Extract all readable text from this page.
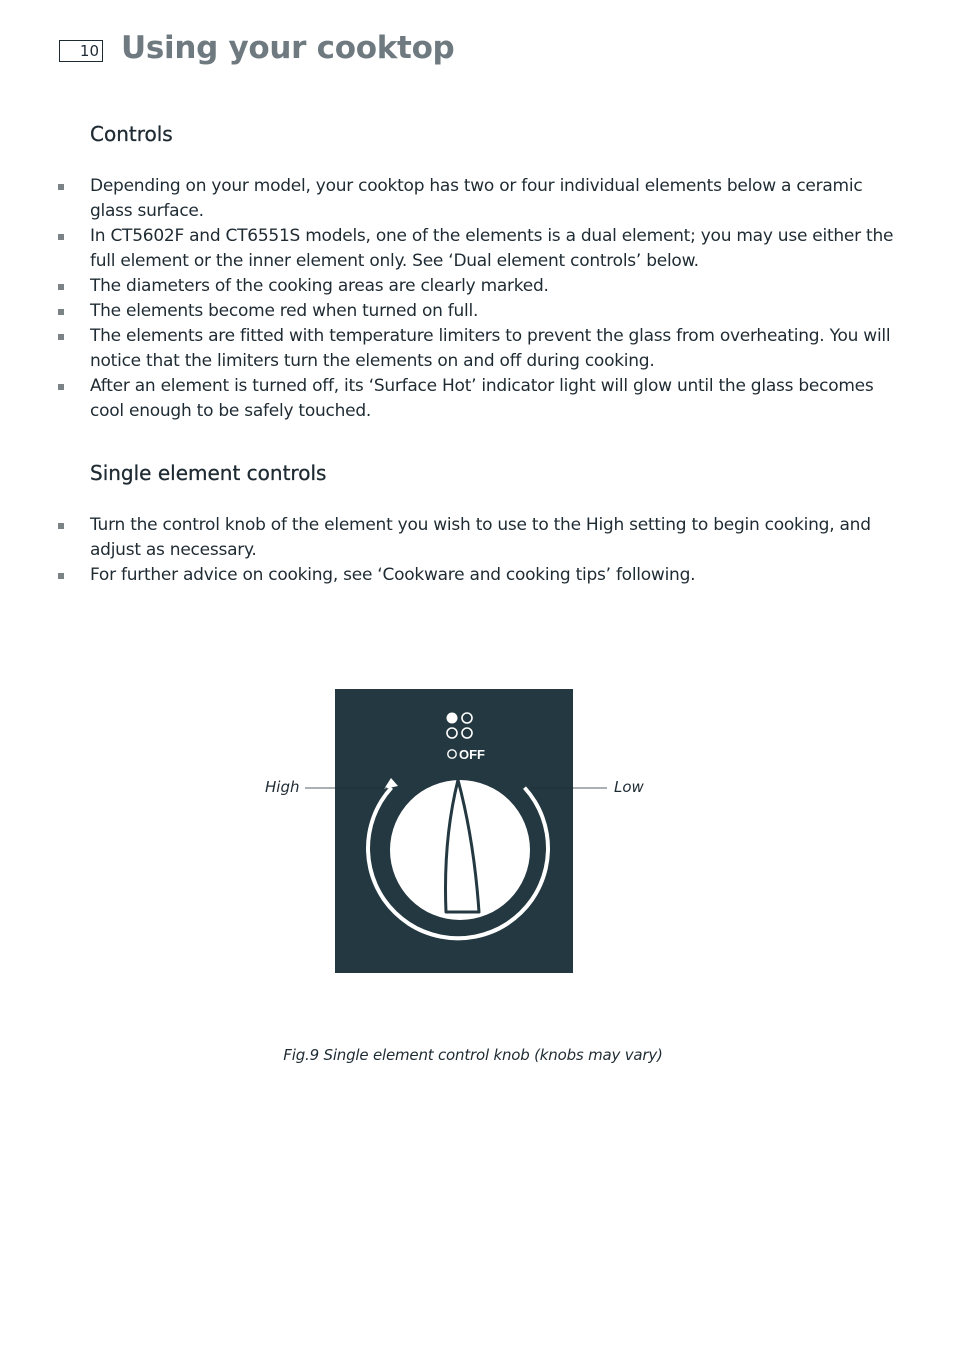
10 Using your cooktop
Controls
Depending on your model, your cooktop has two or four individual elements below a ceramic glass surface.
In CT5602F and CT6551S models, one of the elements is a dual element; you may use either the full element or the inner element only. See ‘Dual element controls’ below.
The diameters of the cooking areas are clearly marked.
The elements become red when turned on full.
The elements are fitted with temperature limiters to prevent the glass from overheating. You will notice that the limiters turn the elements on and off during cooking.
After an element is turned off, its ‘Surface Hot’ indicator light will glow until the glass becomes cool enough to be safely touched.
Single element controls
Turn the control knob of the element you wish to use to the High setting to begin cooking, and adjust as necessary.
For further advice on cooking, see ‘Cookware and cooking tips’ following.
OFF
High	Low
Fig.9 Single element control knob (knobs may vary)
